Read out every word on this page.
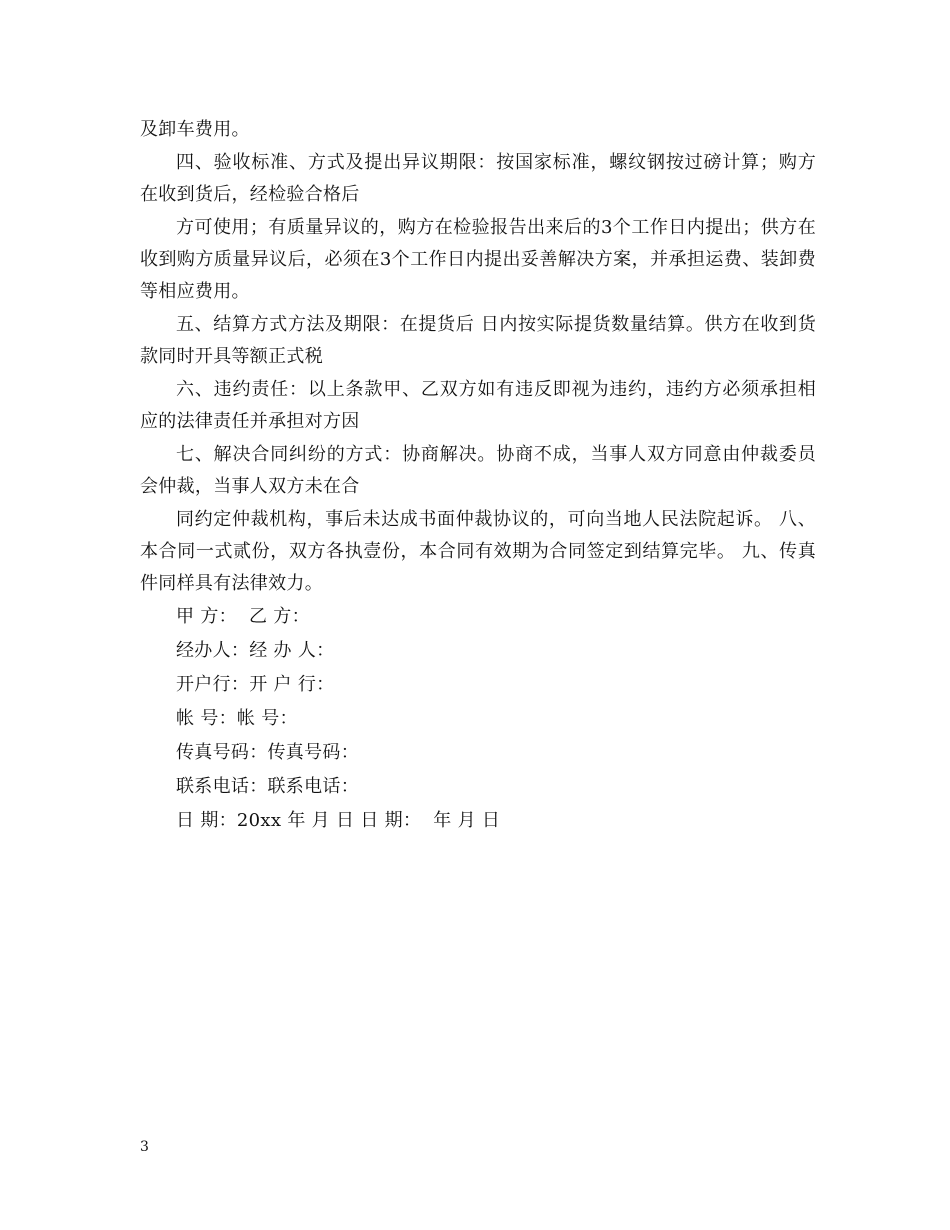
及卸车费用。

四、验收标准、方式及提出异议期限：按国家标准，螺纹钢按过磅计算；购方在收到货后，经检验合格后

方可使用；有质量异议的，购方在检验报告出来后的3个工作日内提出；供方在收到购方质量异议后，必须在3个工作日内提出妥善解决方案，并承担运费、装卸费等相应费用。

五、结算方式方法及期限：在提货后 日内按实际提货数量结算。供方在收到货款同时开具等额正式税

六、违约责任：以上条款甲、乙双方如有违反即视为违约，违约方必须承担相应的法律责任并承担对方因

七、解决合同纠纷的方式：协商解决。协商不成，当事人双方同意由仲裁委员会仲裁，当事人双方未在合

同约定仲裁机构，事后未达成书面仲裁协议的，可向当地人民法院起诉。 八、本合同一式贰份，双方各执壹份，本合同有效期为合同签定到结算完毕。 九、传真件同样具有法律效力。

甲 方：  乙 方：
经办人：经 办 人：
开户行：开 户 行：
帐 号：帐 号：
传真号码：传真号码：
联系电话：联系电话：
日 期：20xx 年 月 日 日 期：  年 月 日
3
